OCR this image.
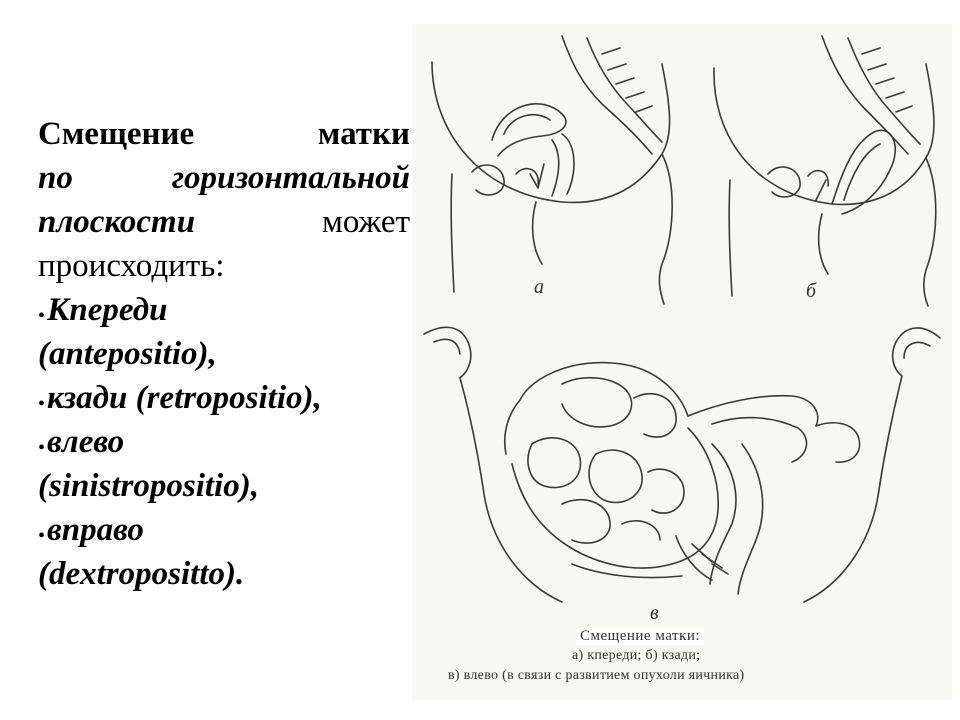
Смещение	матки
по	горизонтальной
плоскости	может
происходить:
•Кпереди
(antepositio),
•кзади (retropositio),
•влево
(sinistropositio),
•вправо
(dextropositto).
а	б
в
Смещение матки:
а) кпереди; б) кзади;
в) влево (в связи с развитием опухоли яичника)
